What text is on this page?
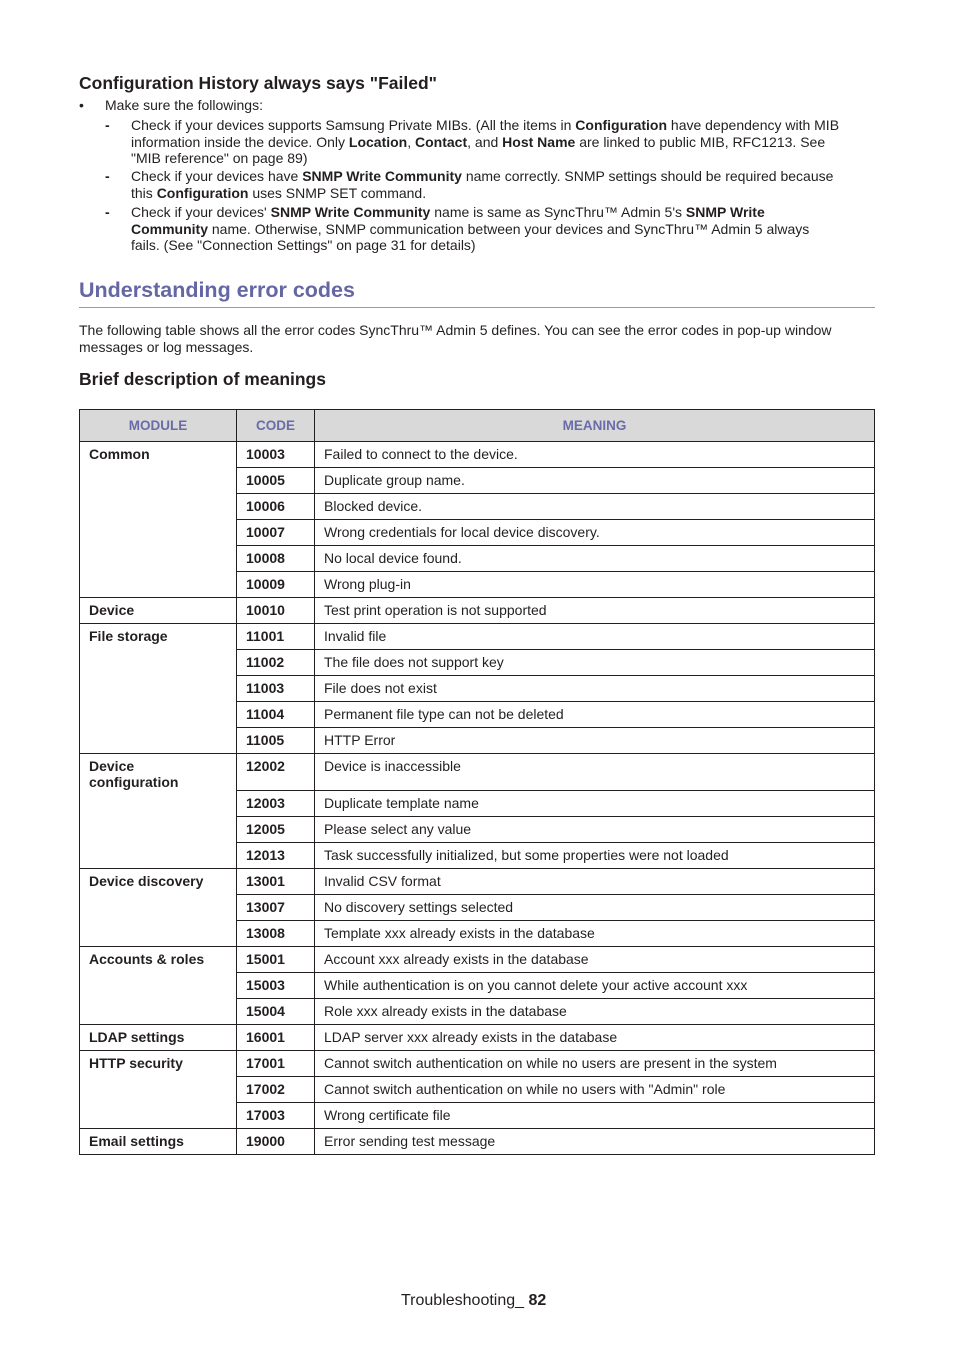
Configuration History always says "Failed"
• Make sure the followings:
- Check if your devices supports Samsung Private MIBs. (All the items in Configuration have dependency with MIB
information inside the device. Only Location, Contact, and Host Name are linked to public MIB, RFC1213. See
"MIB reference" on page 89)
- Check if your devices have SNMP Write Community name correctly. SNMP settings should be required because
this Configuration uses SNMP SET command.
- Check if your devices' SNMP Write Community name is same as SyncThru™ Admin 5's SNMP Write
Community name. Otherwise, SNMP communication between your devices and SyncThru™ Admin 5 always
fails. (See "Connection Settings" on page 31 for details)
Understanding error codes
The following table shows all the error codes SyncThru™ Admin 5 defines. You can see the error codes in pop-up window
messages or log messages.
Brief description of meanings
MODULE	CODE	MEANING

Common	10003	Failed to connect to the device.
	10005	Duplicate group name.
	10006	Blocked device.
	10007	Wrong credentials for local device discovery.
	10008	No local device found.
	10009	Wrong plug-in

Device	10010	Test print operation is not supported

File storage	11001	Invalid file
	11002	The file does not support key
	11003	File does not exist
	11004	Permanent file type can not be deleted
	11005	HTTP Error

Device
configuration	12002	Device is inaccessible
	12003	Duplicate template name
	12005	Please select any value
	12013	Task successfully initialized, but some properties were not loaded

Device discovery	13001	Invalid CSV format
	13007	No discovery settings selected
	13008	Template xxx already exists in the database

Accounts & roles	15001	Account xxx already exists in the database
	15003	While authentication is on you cannot delete your active account xxx
	15004	Role xxx already exists in the database

LDAP settings	16001	LDAP server xxx already exists in the database

HTTP security	17001	Cannot switch authentication on while no users are present in the system
	17002	Cannot switch authentication on while no users with "Admin" role
	17003	Wrong certificate file

Email settings	19000	Error sending test message
Troubleshooting_ 82
